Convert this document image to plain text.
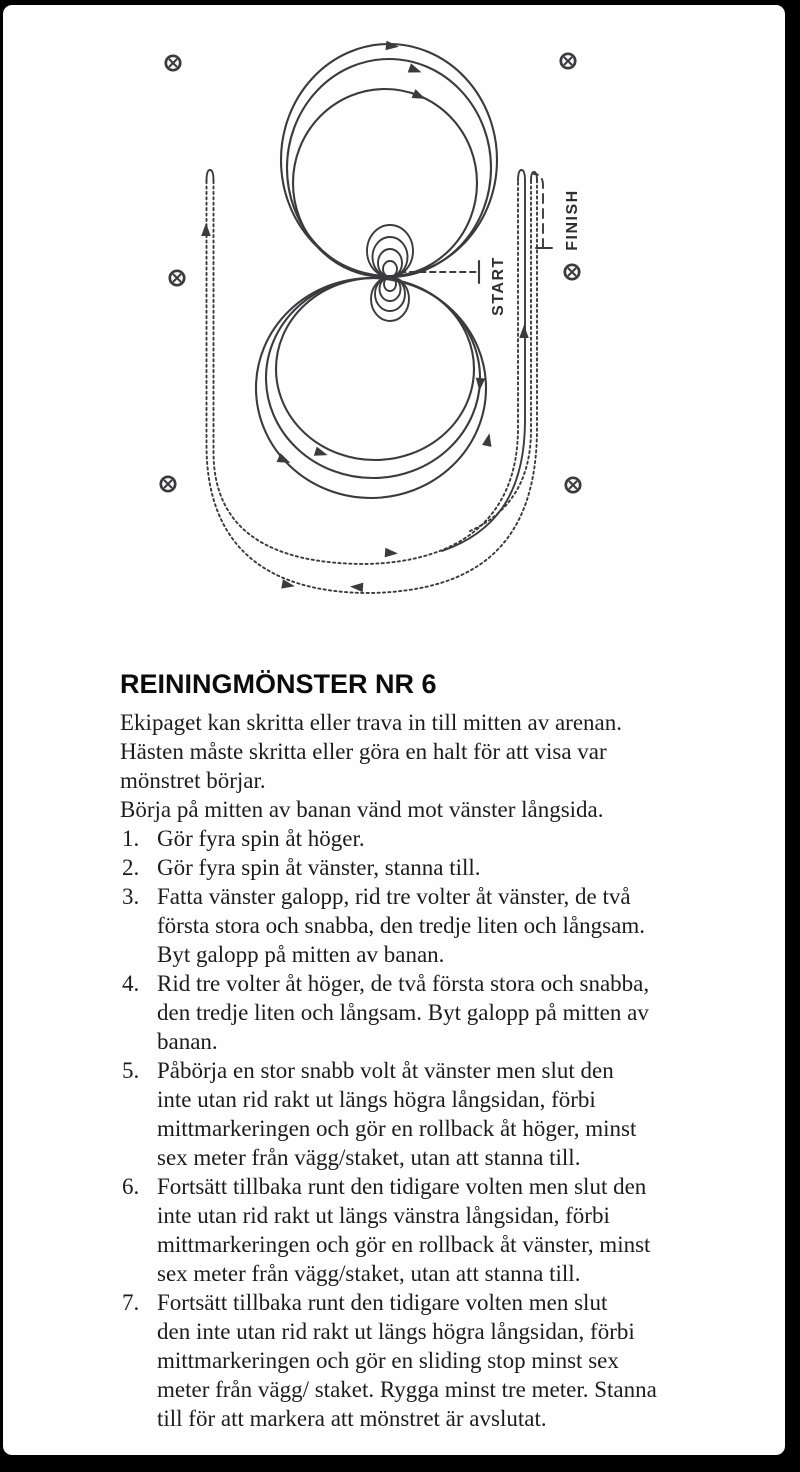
START
FINISH
REININGMÖNSTER NR 6
Ekipaget kan skritta eller trava in till mitten av arenan.
Hästen måste skritta eller göra en halt för att visa var
mönstret börjar.
Börja på mitten av banan vänd mot vänster långsida.
1. Gör fyra spin åt höger.
2. Gör fyra spin åt vänster, stanna till.
3. Fatta vänster galopp, rid tre volter åt vänster, de två
första stora och snabba, den tredje liten och långsam.
Byt galopp på mitten av banan.
4. Rid tre volter åt höger, de två första stora och snabba,
den tredje liten och långsam. Byt galopp på mitten av
banan.
5. Påbörja en stor snabb volt åt vänster men slut den
inte utan rid rakt ut längs högra långsidan, förbi
mittmarkeringen och gör en rollback åt höger, minst
sex meter från vägg/staket, utan att stanna till.
6. Fortsätt tillbaka runt den tidigare volten men slut den
inte utan rid rakt ut längs vänstra långsidan, förbi
mittmarkeringen och gör en rollback åt vänster, minst
sex meter från vägg/staket, utan att stanna till.
7. Fortsätt tillbaka runt den tidigare volten men slut
den inte utan rid rakt ut längs högra långsidan, förbi
mittmarkeringen och gör en sliding stop minst sex
meter från vägg/ staket. Rygga minst tre meter. Stanna
till för att markera att mönstret är avslutat.
